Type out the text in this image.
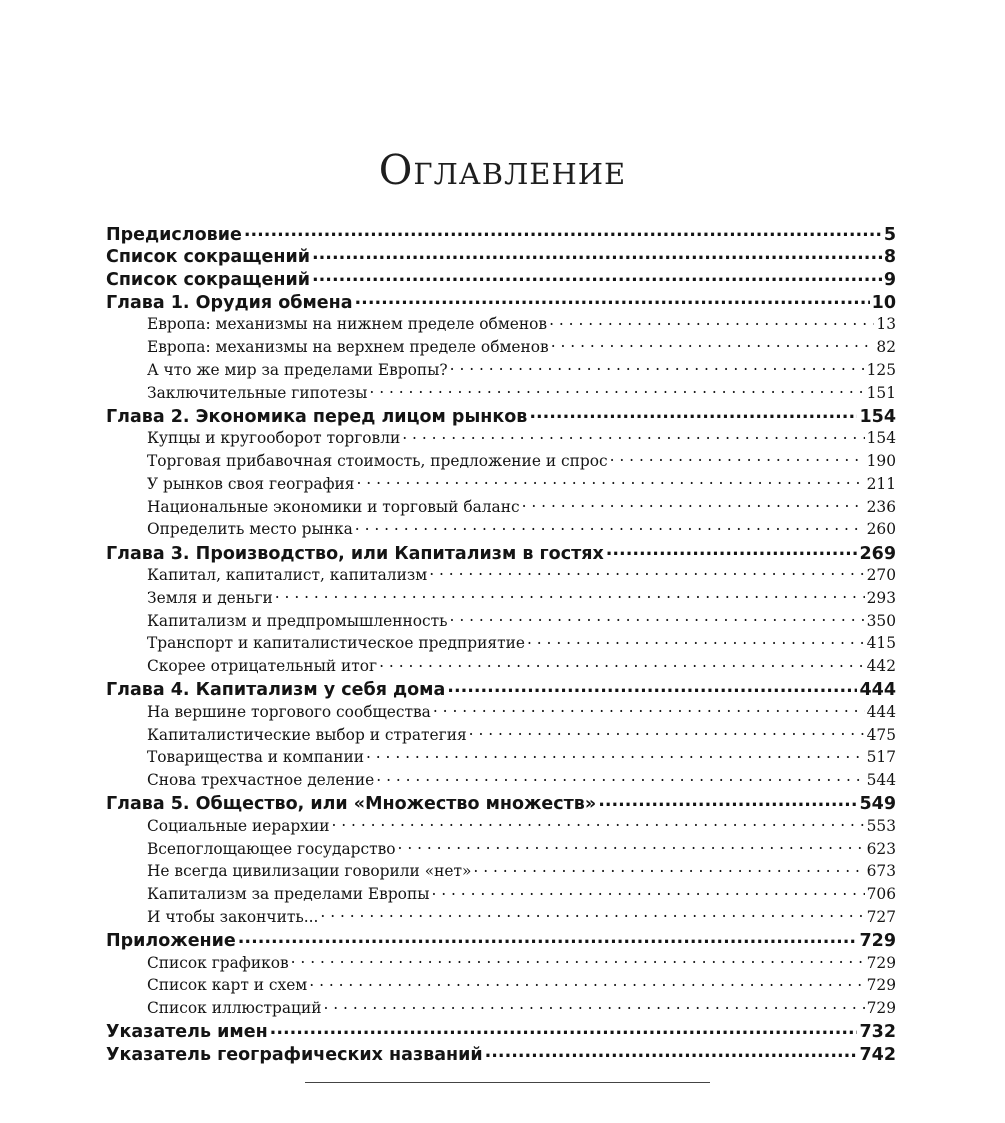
Оглавление
Предисловие .....	5
Список сокращений .....	8
Список сокращений .....	9
Глава 1. Орудия обмена .....	10
Европа: механизмы на нижнем пределе обменов . . .	13
Европа: механизмы на верхнем пределе обменов . . .	82
А что же мир за пределами Европы? . . .	125
Заключительные гипотезы . . .	151
Глава 2. Экономика перед лицом рынков .....	154
Купцы и кругооборот торговли . . .	154
Торговая прибавочная стоимость, предложение и спрос . . .	190
У рынков своя география . . .	211
Национальные экономики и торговый баланс . . .	236
Определить место рынка . . .	260
Глава 3. Производство, или Капитализм в гостях .....	269
Капитал, капиталист, капитализм . . .	270
Земля и деньги . . .	293
Капитализм и предпромышленность . . .	350
Транспорт и капиталистическое предприятие . . .	415
Скорее отрицательный итог . . .	442
Глава 4. Капитализм у себя дома .....	444
На вершине торгового сообщества . . .	444
Капиталистические выбор и стратегия . . .	475
Товарищества и компании . . .	517
Снова трехчастное деление . . .	544
Глава 5. Общество, или «Множество множеств» .....	549
Социальные иерархии . . .	553
Всепоглощающее государство . . .	623
Не всегда цивилизации говорили «нет» . . .	673
Капитализм за пределами Европы . . .	706
И чтобы закончить... . . .	727
Приложение .....	729
Список графиков . . .	729
Список карт и схем . . .	729
Список иллюстраций . . .	729
Указатель имен .....	732
Указатель географических названий .....	742
